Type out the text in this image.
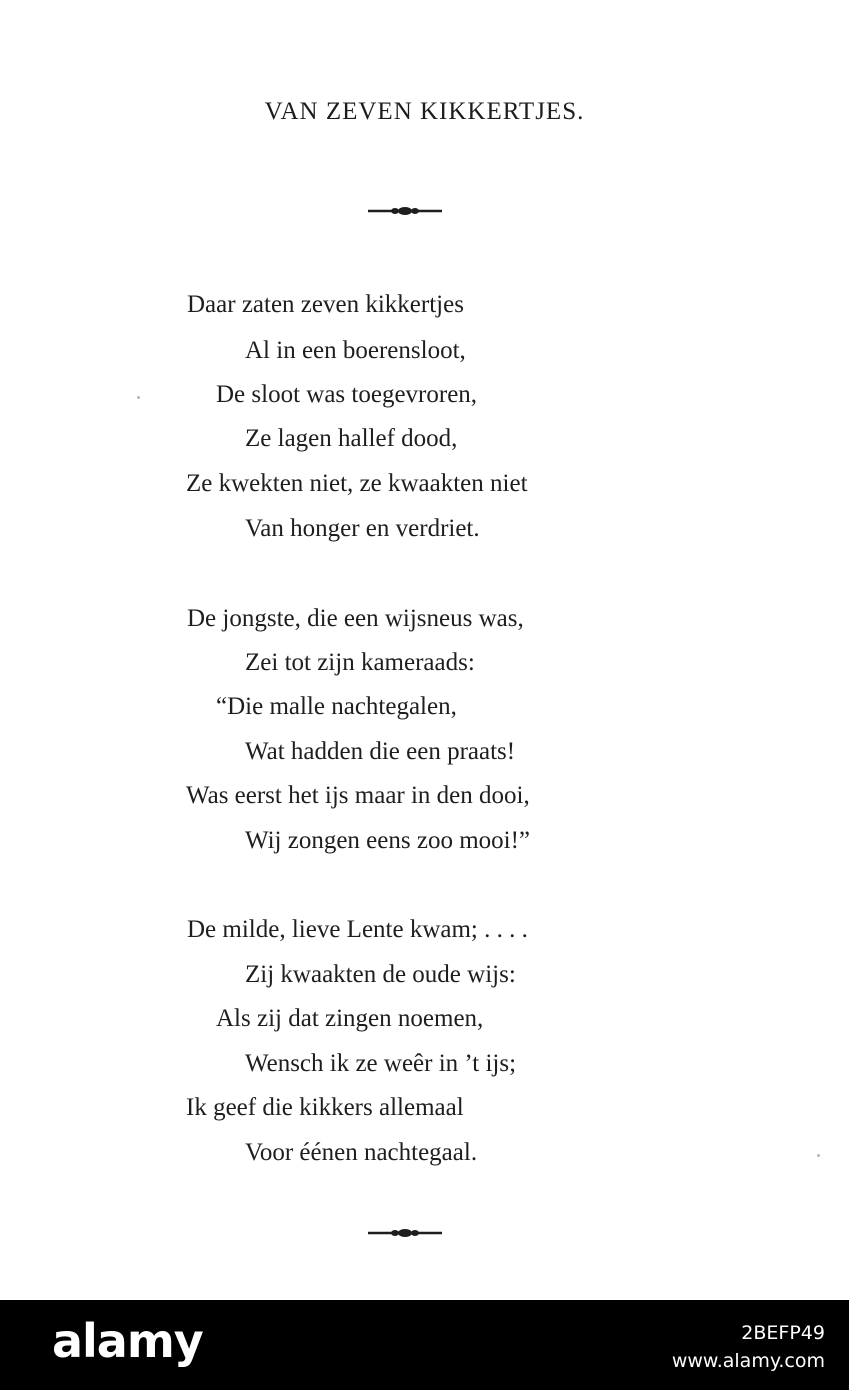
VAN ZEVEN KIKKERTJES.
Daar zaten zeven kikkertjes
Al in een boerensloot,
De sloot was toegevroren,
Ze lagen hallef dood,
Ze kwekten niet, ze kwaakten niet
Van honger en verdriet.
De jongste, die een wijsneus was,
Zei tot zijn kameraads:
“Die malle nachtegalen,
Wat hadden die een praats!
Was eerst het ijs maar in den dooi,
Wij zongen eens zoo mooi!”
De milde, lieve Lente kwam; . . . .
Zij kwaakten de oude wijs:
Als zij dat zingen noemen,
Wensch ik ze weêr in ’t ijs;
Ik geef die kikkers allemaal
Voor éénen nachtegaal.
alamy	2BEFP49
www.alamy.com
